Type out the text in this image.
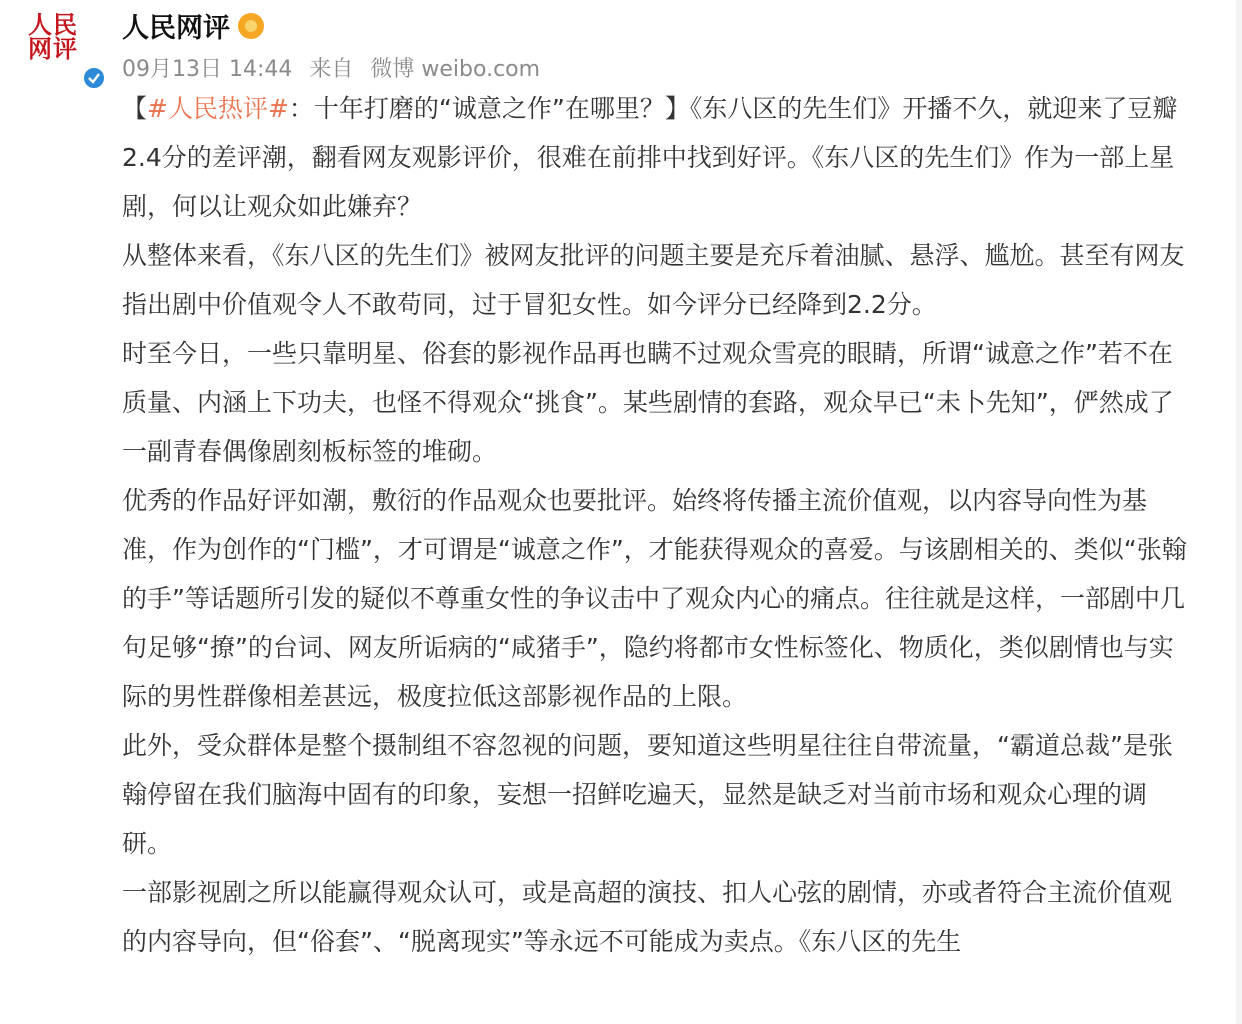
人民
网评
人民网评
09月13日 14:44 来自 微博 weibo.com

【#人民热评#：十年打磨的“诚意之作”在哪里？】《东八区的先生们》开播不久，就迎来了豆瓣2.4分的差评潮，翻看网友观影评价，很难在前排中找到好评。《东八区的先生们》作为一部上星剧，何以让观众如此嫌弃？

从整体来看，《东八区的先生们》被网友批评的问题主要是充斥着油腻、悬浮、尴尬。甚至有网友指出剧中价值观令人不敢苟同，过于冒犯女性。如今评分已经降到2.2分。

时至今日，一些只靠明星、俗套的影视作品再也瞒不过观众雪亮的眼睛，所谓“诚意之作”若不在质量、内涵上下功夫，也怪不得观众“挑食”。某些剧情的套路，观众早已“未卜先知”，俨然成了一副青春偶像剧刻板标签的堆砌。

优秀的作品好评如潮，敷衍的作品观众也要批评。始终将传播主流价值观，以内容导向性为基准，作为创作的“门槛”，才可谓是“诚意之作”，才能获得观众的喜爱。与该剧相关的、类似“张翰的手”等话题所引发的疑似不尊重女性的争议击中了观众内心的痛点。往往就是这样，一部剧中几句足够“撩”的台词、网友所诟病的“咸猪手”，隐约将都市女性标签化、物质化，类似剧情也与实际的男性群像相差甚远，极度拉低这部影视作品的上限。

此外，受众群体是整个摄制组不容忽视的问题，要知道这些明星往往自带流量，“霸道总裁”是张翰停留在我们脑海中固有的印象，妄想一招鲜吃遍天，显然是缺乏对当前市场和观众心理的调研。

一部影视剧之所以能赢得观众认可，或是高超的演技、扣人心弦的剧情，亦或者符合主流价值观的内容导向，但“俗套”、“脱离现实”等永远不可能成为卖点。《东八区的先生
